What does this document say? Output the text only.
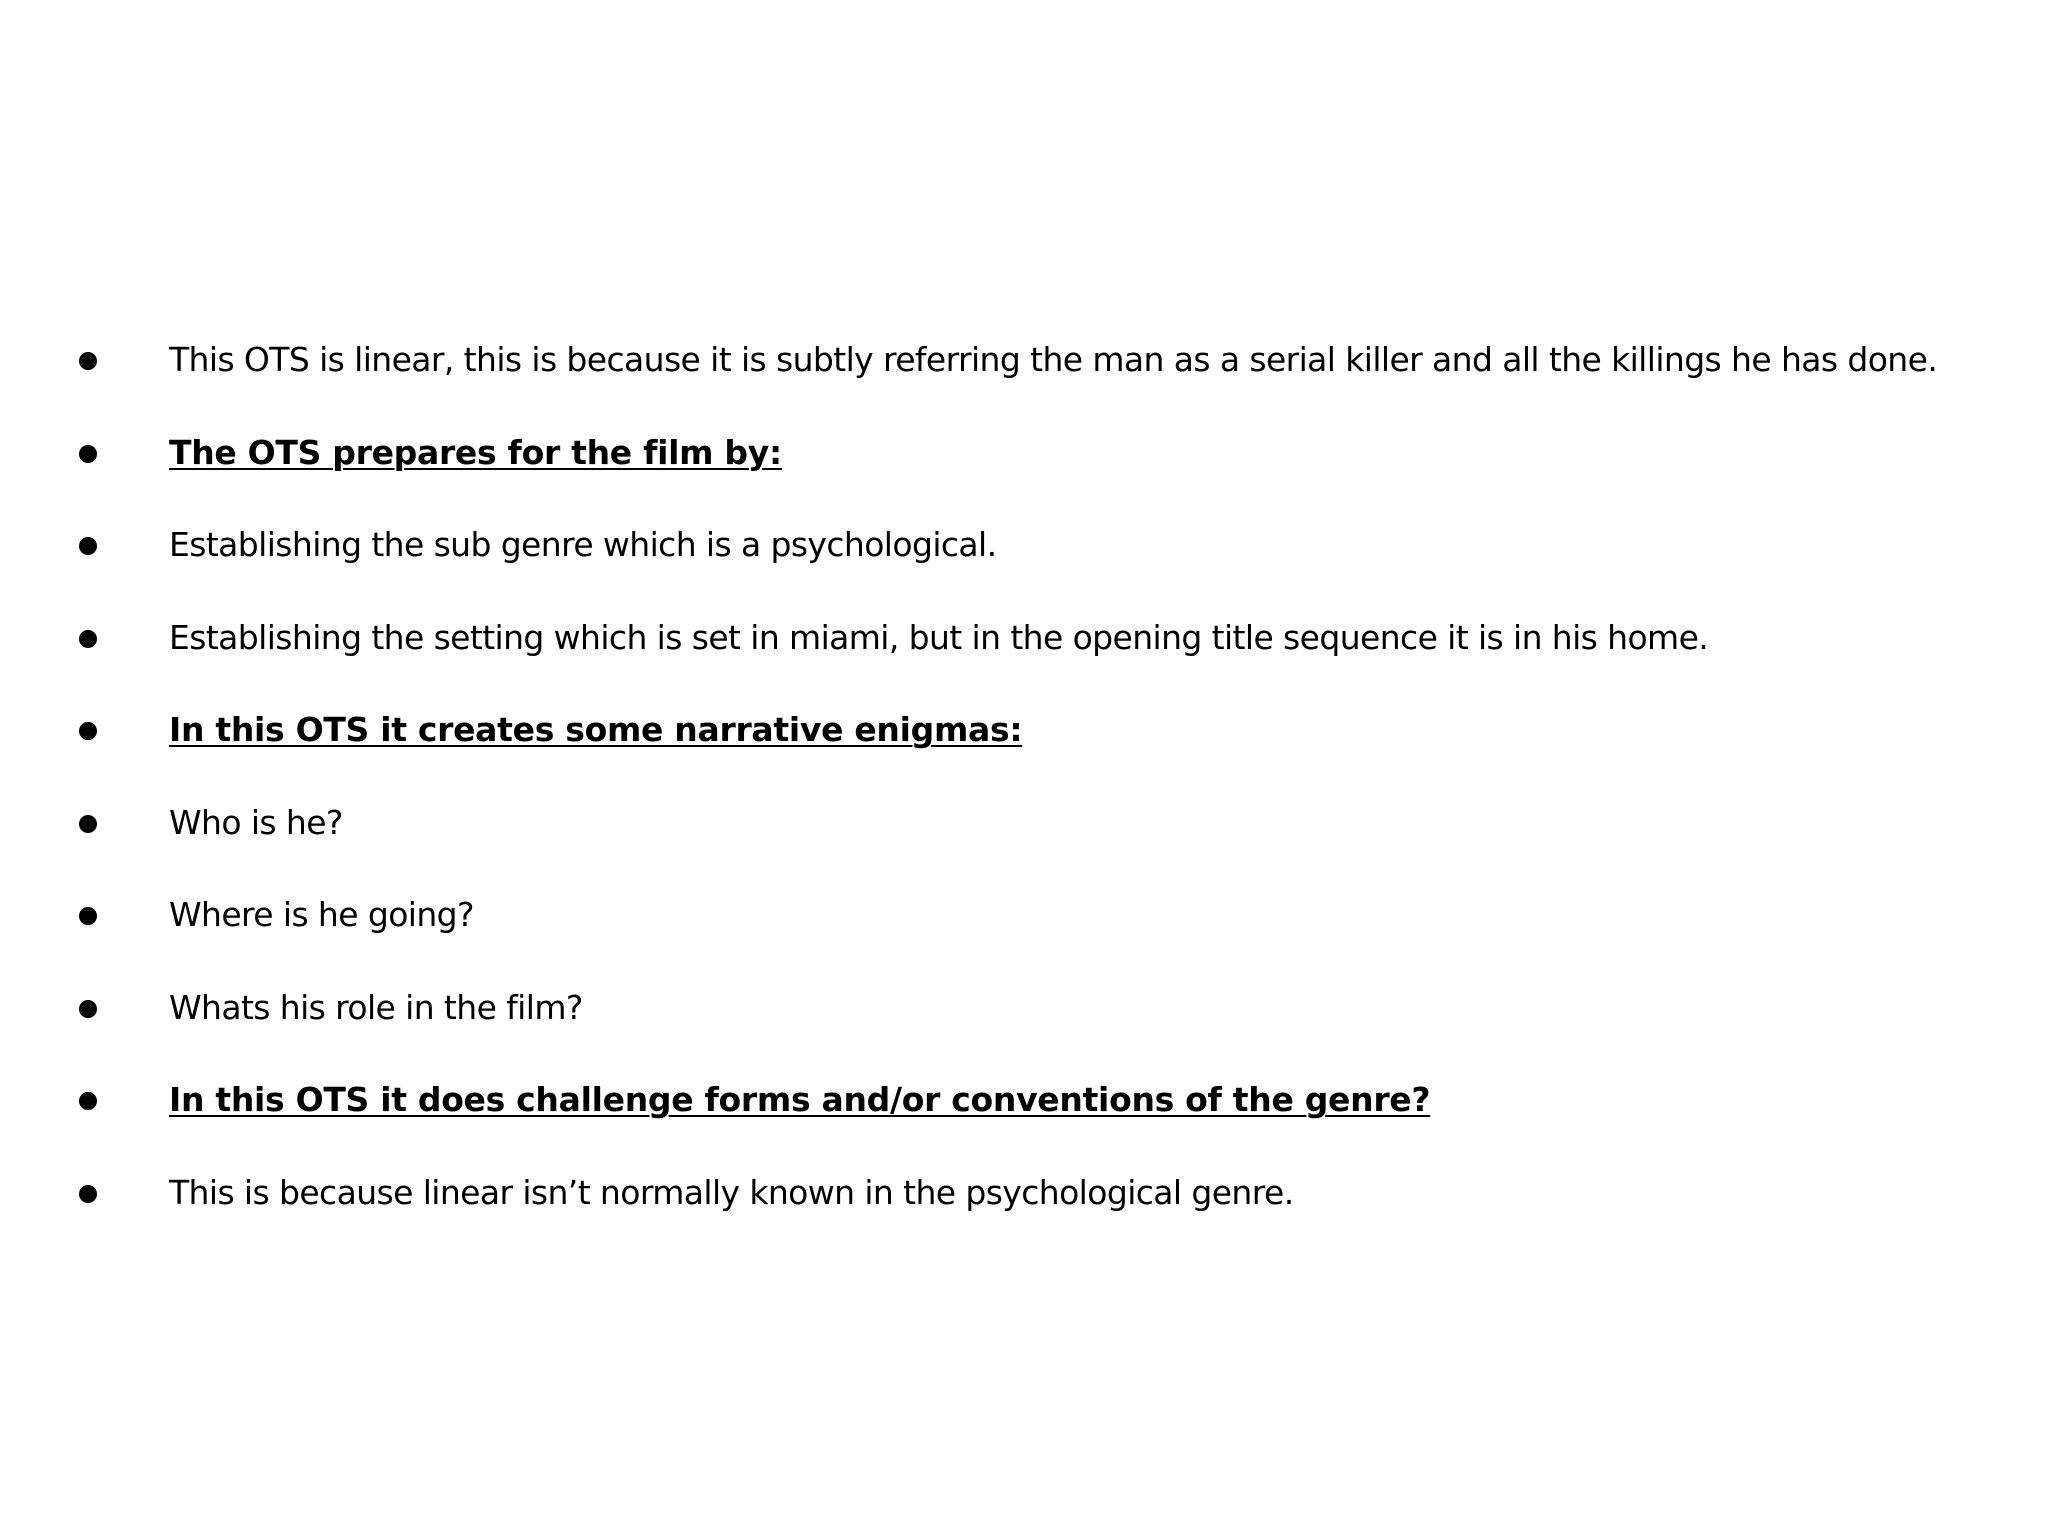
This OTS is linear, this is because it is subtly referring the man as a serial killer and all the killings he has done.
The OTS prepares for the film by:
Establishing the sub genre which is a psychological.
Establishing the setting which is set in miami, but in the opening title sequence it is in his home.
In this OTS it creates some narrative enigmas:
Who is he?
Where is he going?
Whats his role in the film?
In this OTS it does challenge forms and/or conventions of the genre?
This is because linear isn’t normally known in the psychological genre.
